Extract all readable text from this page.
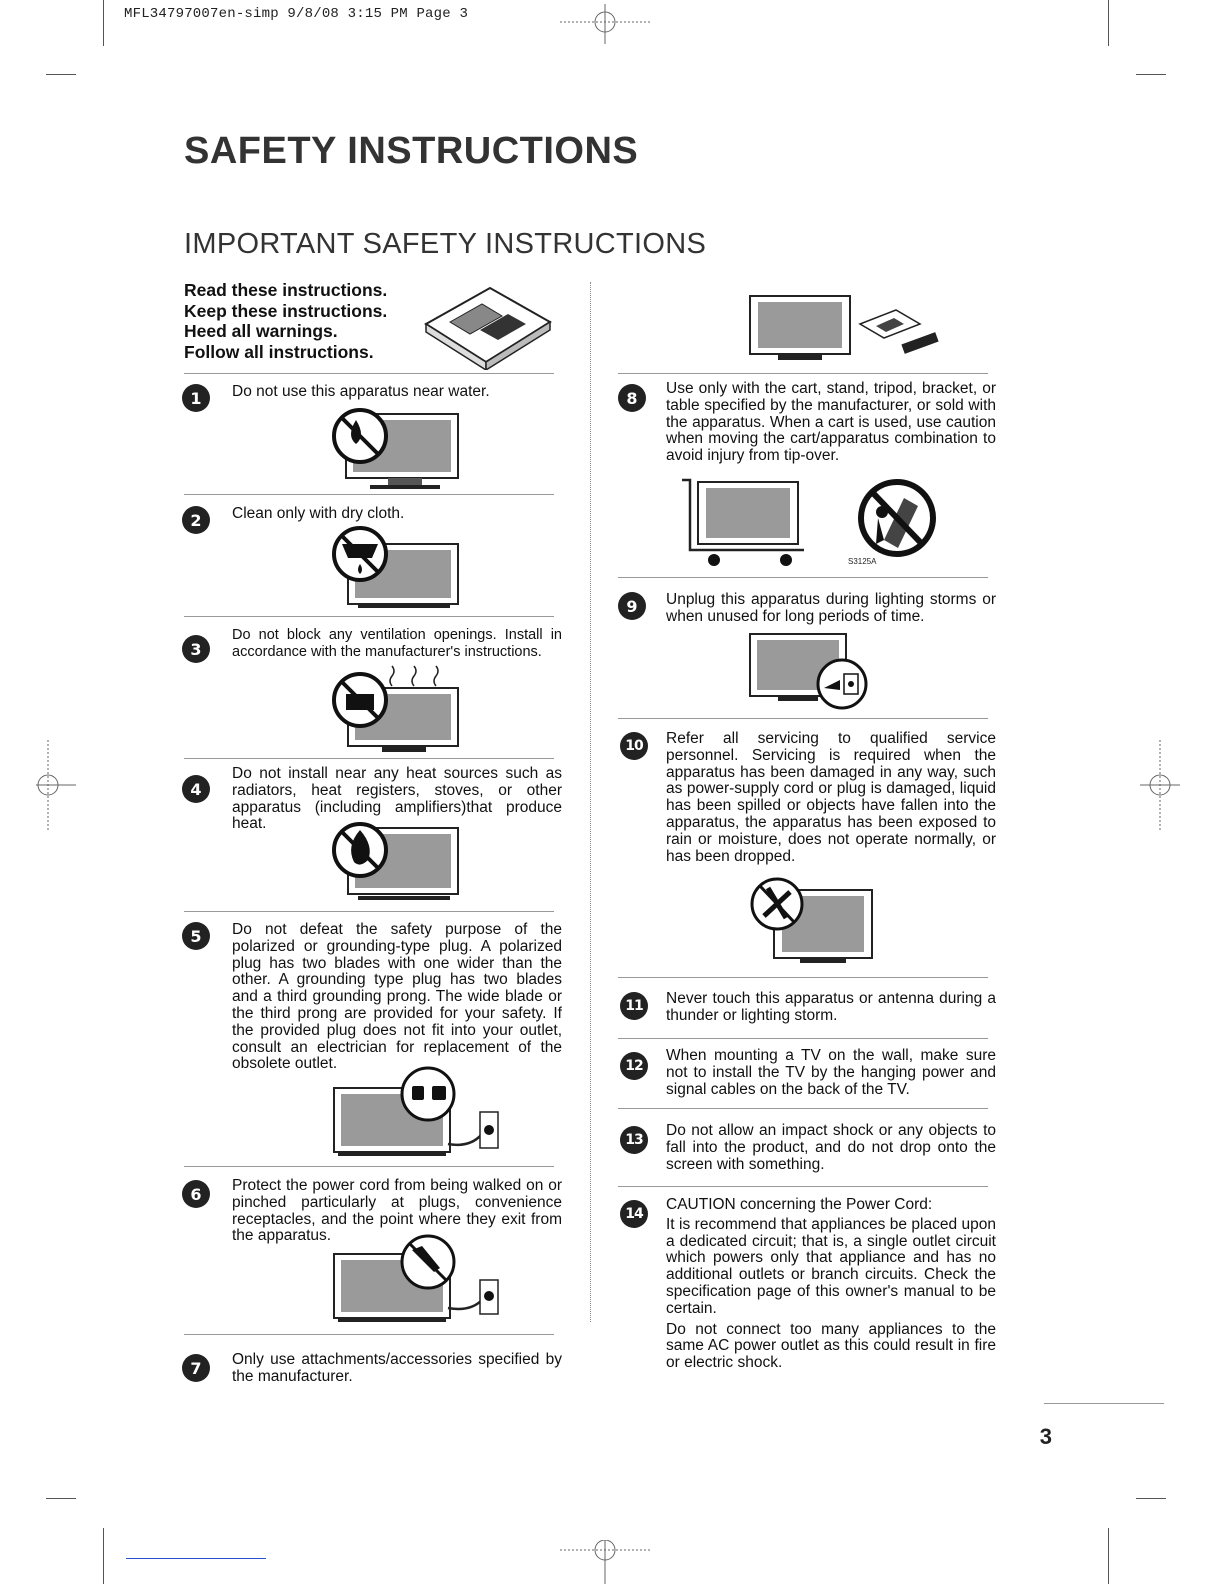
MFL34797007en-simp 9/8/08 3:15 PM Page 3
SAFETY INSTRUCTIONS
IMPORTANT SAFETY INSTRUCTIONS
Read these instructions.
Keep these instructions.
Heed all warnings.
Follow all instructions.
1	Do not use this apparatus near water.
2	Clean only with dry cloth.
3
Do not block any ventilation openings. Install in accordance with the manufacturer's instructions.
4
Do not install near any heat sources such as radiators, heat registers, stoves, or other apparatus (including amplifiers)that produce heat.
5	Do not defeat the safety purpose of the polarized or grounding-type plug. A polarized plug has two blades with one wider than the other. A grounding type plug has two blades and a third grounding prong. The wide blade or the third prong are provided for your safety. If the provided plug does not fit into your outlet, consult an electrician for replacement of the obsolete outlet.
6	Protect the power cord from being walked on or pinched particularly at plugs, convenience receptacles, and the point where they exit from the apparatus.
7	Only use attachments/accessories specified by the manufacturer.
8	Use only with the cart, stand, tripod, bracket, or table specified by the manufacturer, or sold with the apparatus. When a cart is used, use caution when moving the cart/apparatus combination to avoid injury from tip-over.
S3125A
9	Unplug this apparatus during lighting storms or when unused for long periods of time.
10	Refer all servicing to qualified service personnel. Servicing is required when the apparatus has been damaged in any way, such as power-supply cord or plug is damaged, liquid has been spilled or objects have fallen into the apparatus, the apparatus has been exposed to rain or moisture, does not operate normally, or has been dropped.
11	Never touch this apparatus or antenna during a thunder or lighting storm.
12
When mounting a TV on the wall, make sure not to install the TV by the hanging power and signal cables on the back of the TV.
13
Do not allow an impact shock or any objects to fall into the product, and do not drop onto the screen with something.
14
CAUTION concerning the Power Cord:
It is recommend that appliances be placed upon a dedicated circuit; that is, a single outlet circuit which powers only that appliance and has no additional outlets or branch circuits. Check the specification page of this owner's manual to be certain.
Do not connect too many appliances to the same AC power outlet as this could result in fire or electric shock.
3
